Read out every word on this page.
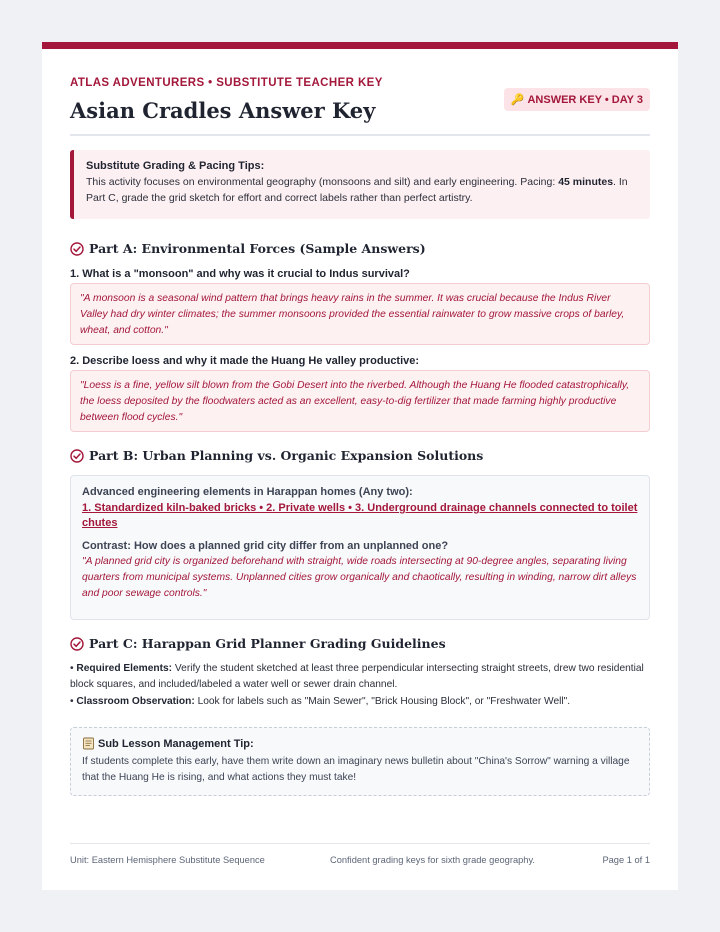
ATLAS ADVENTURERS • SUBSTITUTE TEACHER KEY
Asian Cradles Answer Key	🔑 ANSWER KEY • DAY 3
Substitute Grading & Pacing Tips:
This activity focuses on environmental geography (monsoons and silt) and early engineering. Pacing: 45 minutes. In Part C, grade the grid sketch for effort and correct labels rather than perfect artistry.
Part A: Environmental Forces (Sample Answers)
1. What is a "monsoon" and why was it crucial to Indus survival?
"A monsoon is a seasonal wind pattern that brings heavy rains in the summer. It was crucial because the Indus River Valley had dry winter climates; the summer monsoons provided the essential rainwater to grow massive crops of barley, wheat, and cotton."
2. Describe loess and why it made the Huang He valley productive:
"Loess is a fine, yellow silt blown from the Gobi Desert into the riverbed. Although the Huang He flooded catastrophically, the loess deposited by the floodwaters acted as an excellent, easy-to-dig fertilizer that made farming highly productive between flood cycles."
Part B: Urban Planning vs. Organic Expansion Solutions
Advanced engineering elements in Harappan homes (Any two):
1. Standardized kiln-baked bricks • 2. Private wells • 3. Underground drainage channels connected to toilet chutes
Contrast: How does a planned grid city differ from an unplanned one?
"A planned grid city is organized beforehand with straight, wide roads intersecting at 90-degree angles, separating living quarters from municipal systems. Unplanned cities grow organically and chaotically, resulting in winding, narrow dirt alleys and poor sewage controls."
Part C: Harappan Grid Planner Grading Guidelines
• Required Elements: Verify the student sketched at least three perpendicular intersecting straight streets, drew two residential block squares, and included/labeled a water well or sewer drain channel.
• Classroom Observation: Look for labels such as "Main Sewer", "Brick Housing Block", or "Freshwater Well".
Sub Lesson Management Tip:
If students complete this early, have them write down an imaginary news bulletin about "China's Sorrow" warning a village that the Huang He is rising, and what actions they must take!
Unit: Eastern Hemisphere Substitute Sequence	Confident grading keys for sixth grade geography.	Page 1 of 1
